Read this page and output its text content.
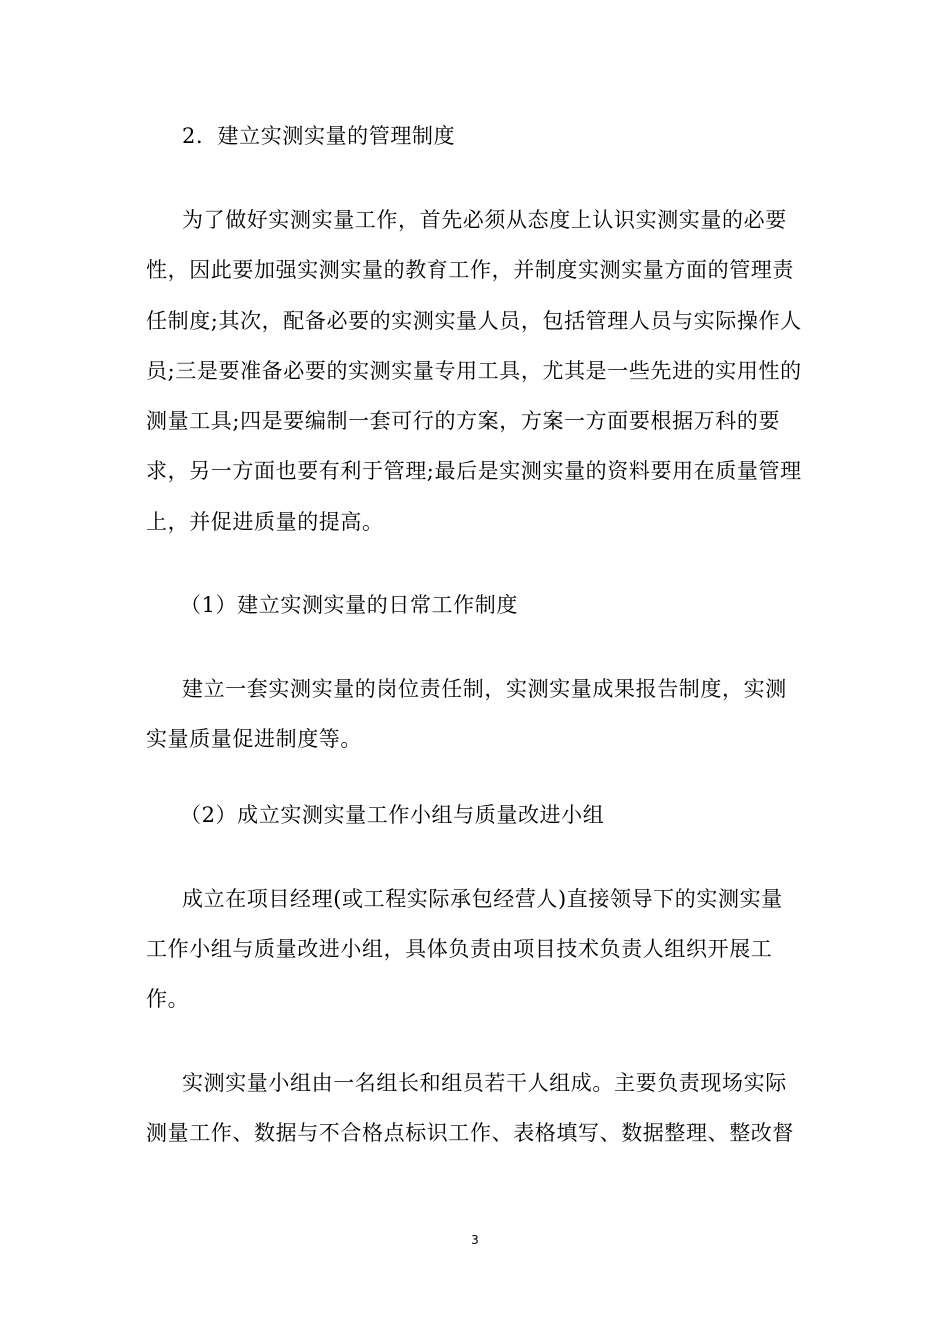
2．建立实测实量的管理制度

为了做好实测实量工作，首先必须从态度上认识实测实量的必要

性，因此要加强实测实量的教育工作，并制度实测实量方面的管理责

任制度;其次，配备必要的实测实量人员，包括管理人员与实际操作人

员;三是要准备必要的实测实量专用工具，尤其是一些先进的实用性的

测量工具;四是要编制一套可行的方案，方案一方面要根据万科的要

求，另一方面也要有利于管理;最后是实测实量的资料要用在质量管理

上，并促进质量的提高。

（1）建立实测实量的日常工作制度

建立一套实测实量的岗位责任制，实测实量成果报告制度，实测

实量质量促进制度等。

（2）成立实测实量工作小组与质量改进小组

成立在项目经理(或工程实际承包经营人)直接领导下的实测实量

工作小组与质量改进小组，具体负责由项目技术负责人组织开展工

作。

实测实量小组由一名组长和组员若干人组成。主要负责现场实际

测量工作、数据与不合格点标识工作、表格填写、数据整理、整改督

3
